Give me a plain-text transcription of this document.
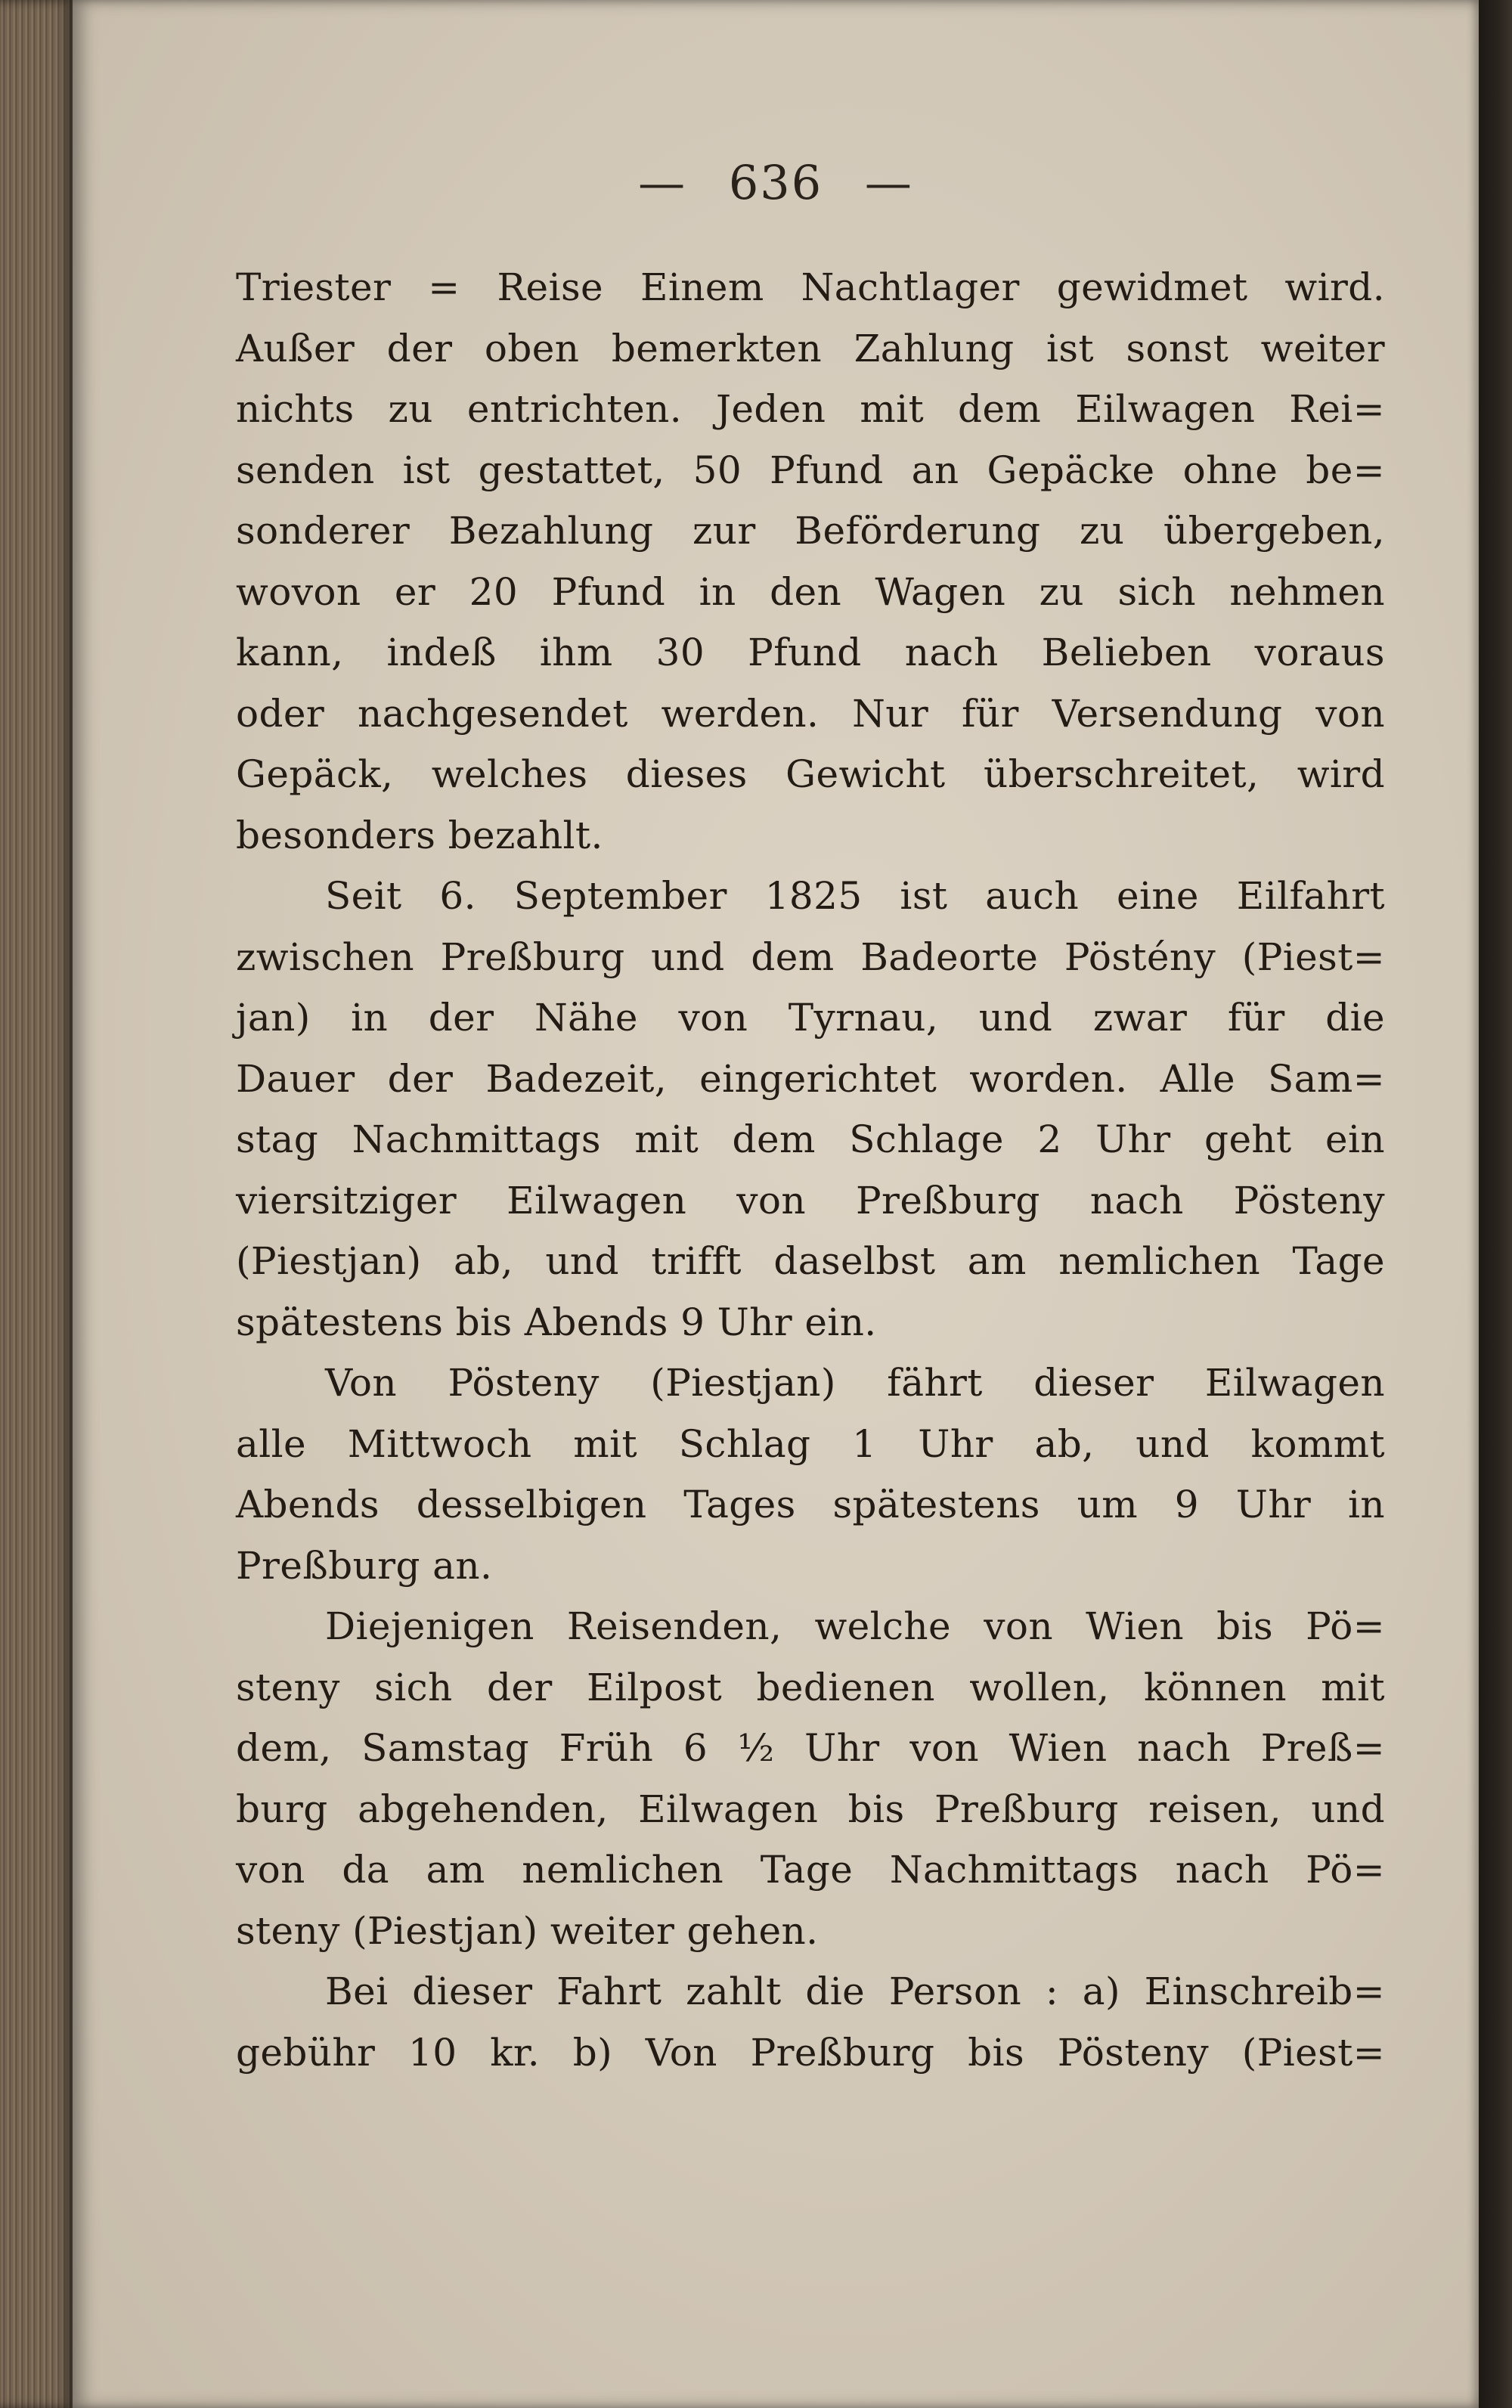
— 636 —
Triester = Reise Einem Nachtlager gewidmet wird.
Außer der oben bemerkten Zahlung ist sonst weiter
nichts zu entrichten. Jeden mit dem Eilwagen Rei=
senden ist gestattet, 50 Pfund an Gepäcke ohne be=
sonderer Bezahlung zur Beförderung zu übergeben,
wovon er 20 Pfund in den Wagen zu sich nehmen
kann, indeß ihm 30 Pfund nach Belieben voraus
oder nachgesendet werden. Nur für Versendung von
Gepäck, welches dieses Gewicht überschreitet, wird
besonders bezahlt.
Seit 6. September 1825 ist auch eine Eilfahrt
zwischen Preßburg und dem Badeorte Pöstény (Piest=
jan) in der Nähe von Tyrnau, und zwar für die
Dauer der Badezeit, eingerichtet worden. Alle Sam=
stag Nachmittags mit dem Schlage 2 Uhr geht ein
viersitziger Eilwagen von Preßburg nach Pösteny
(Piestjan) ab, und trifft daselbst am nemlichen Tage
spätestens bis Abends 9 Uhr ein.
Von Pösteny (Piestjan) fährt dieser Eilwagen
alle Mittwoch mit Schlag 1 Uhr ab, und kommt
Abends desselbigen Tages spätestens um 9 Uhr in
Preßburg an.
Diejenigen Reisenden, welche von Wien bis Pö=
steny sich der Eilpost bedienen wollen, können mit
dem, Samstag Früh 6 ½ Uhr von Wien nach Preß=
burg abgehenden, Eilwagen bis Preßburg reisen, und
von da am nemlichen Tage Nachmittags nach Pö=
steny (Piestjan) weiter gehen.
Bei dieser Fahrt zahlt die Person : a) Einschreib=
gebühr 10 kr. b) Von Preßburg bis Pösteny (Piest=
